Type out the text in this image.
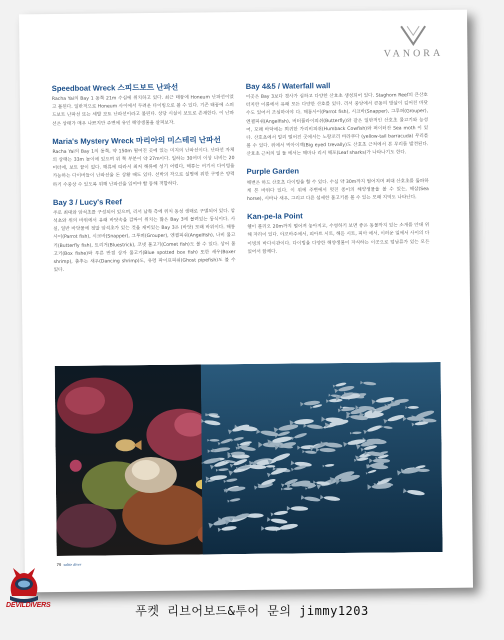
VANORA
Speedboat Wreck 스피드보트 난파선

Racha Yai의 Bay 1 동쪽 21m 수심에 위치하고 있다. 최근 태풍에 Honeum 난파선이었고 몰된다. 일반적으로 Honeum 사이에서 두려운 다이빙으로 볼 수 있다. 기존 태풍에 스피드보트 난파선 또는 세발 보트 난파선이라고 불린다. 상당 시설이 보트로 존재한다. 이 난파선은 상태가 매우 나쁘지만 주변에 유인 해양생물을 살펴보자.

Maria's Mystery Wreck 마리아의 미스테리 난파선

Racha Yai의 Bay 1의 동쪽, 약 150m 떨어진 곳에 있는 미지의 난파선이다. 난파선 자체의 상태는 33m 높이에 있으며 위 쪽 부분이 약 27m이다. 일하는 30여미 이상 너비는 20미터에, 보트 끝이 없다. 해류에 따라서 최저 해류에 성기 어렵다, 해류는 여기서 다이빙을 가능하는 다이버들이 난파선을 돈 상황 때도 있다. 선박의 작으로 설명에 위한 구멍은 양력하기 수중상 수 있도록 위해 난파선을 입어야 할 동해 적합하다.

Bay 3 / Lucy's Reef

주로 최대와 암석초를 구성되어 있으며, 리서 남쪽 측에 위치 동성 생태로 구별되어 있다. 암석초와 위의 바위에서 유래 바닷속을 감싸이 위치는 많은 Bay 3에 몰려있는 동식이다. 사실, 일반 바닷물에 정말 암석초가 있는 것을 재미있는 Bay 3은 (바닷) 모래 바위이다. 해룡사이(Parrot fish), 시크바(Snapper), 그루퍼(Grouper), 엔젤피쉬(Angelfish), 나비 물고기(Butterfly fish), 트리거(Bluestrick), 코넷 물고기(Comet fish)도 볼 수 있다. 상어 물고기(Box fishe)와 푸른 반점 상자 물고기(Blue spotted box fish) 또한 새우(Boxer shrimp), 춤추는 새우(Dancing shrimp)도, 유령 파이프피쉬(Ghost pipefish)도 볼 수 있다.

Bay 4&5 / Waterfall wall

이곳은 Bay 3보다 경사가 심하고 다양한 산호초 생성되어 있다. Staghorn Reef의 큰산호터지한 이름에서 유래 모든 다양한 산호를 있다. 리서 중앙에서 큰동의 방살이 깊어진 바닷 수도 있어서 조심하여야 다. 해룡사이(Parrot fish), 시크바(Snapper), 그루퍼(Grouper), 엔젤피쉬(Angelfish), 버터플라이피쉬(Butterfly)와 같은 일반적인 산호초 물고기와 능성어, 모래 바닥에는 희귀한 가리비피쉬(Humback Cowfish)와 퍼이터잔 Sea moth 이 있다. 산호초에서 멀리 떨어진 곳에서는 노랑꼬리 바라쿠다 (yellow-tail barracuda) 무리를 볼 수 있다. 위에서 빅아이잭(Big eyed trevally)도 산호초 근처에서 본 무리를 발견된다. 산호초 근처의 일 둘 에서는 해마나 리서 해포(Leaf sharks)가 나타나기도 한다.

Purple Garden

해변은 하드 산호초 다이빙을 할 수 있다. 수심 약 30m까지 떨어지며 최대 산호초를 돌파하게 본 바위다 있다. 이 위에 주변에서 멋진 종이의 해양생물을 볼 수 있는, 해삼(Sea horse), 시바나 새우, 그리고 다른 섬세한 물고기를 볼 수 있는 모래 지역도 나타난다.

Kan-pe-la Point

헬이 볼리오 20m까지 떨어져 놓아지고, 수영하기 보면 좋은 동물까지 있는 소개를 안대 위해 자리이 있다. 야꼬바주에서, 피아트 시트, 해돋 시트, 피아 에서, 이러운 일에서 사이의 다이빙의 바다시관이다. 다이빙을 다양한 해양생물이 자식하는 이곳으로 덤남류가 있는 모든 있어서 함께다.

70 saltie diver
DEVILDIVERS	푸켓 리브어보드&투어 문의 jimmy1203
